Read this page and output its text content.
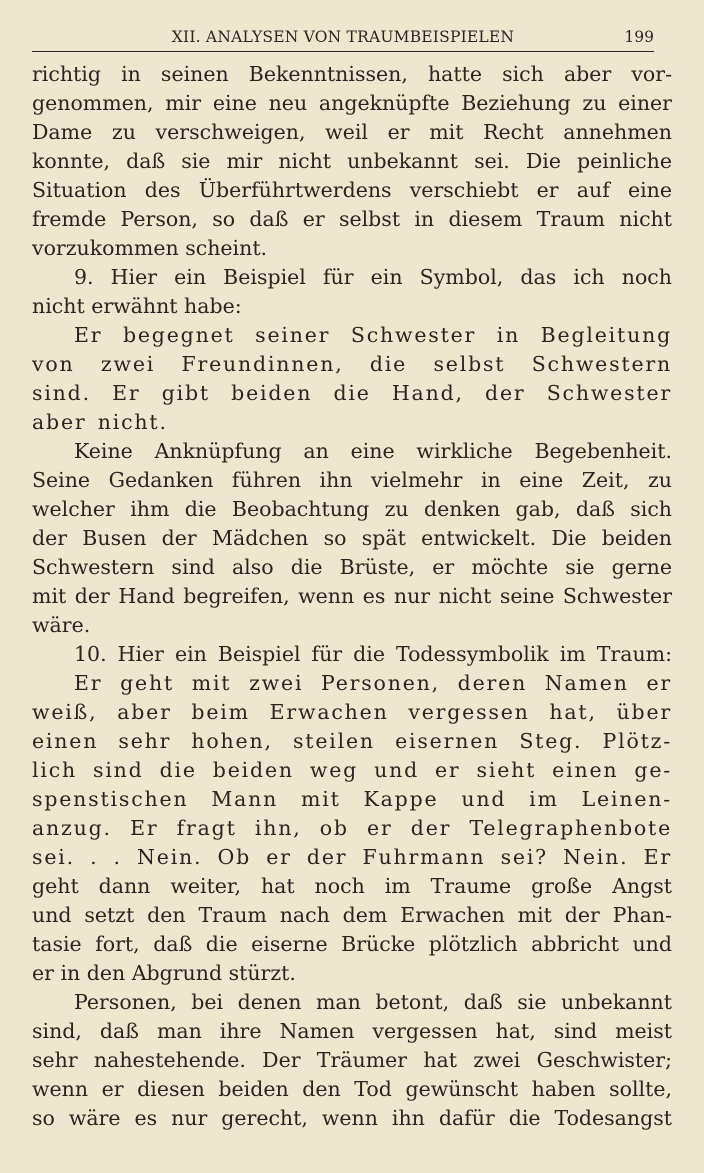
XII. ANALYSEN VON TRAUMBEISPIELEN	199
richtig in seinen Bekenntnissen, hatte sich aber vor-
genommen, mir eine neu angeknüpfte Beziehung zu einer
Dame zu verschweigen, weil er mit Recht annehmen
konnte, daß sie mir nicht unbekannt sei. Die peinliche
Situation des Überführtwerdens verschiebt er auf eine
fremde Person, so daß er selbst in diesem Traum nicht
vorzukommen scheint.
9. Hier ein Beispiel für ein Symbol, das ich noch
nicht erwähnt habe:
Er begegnet seiner Schwester in Begleitung
von zwei Freundinnen, die selbst Schwestern
sind. Er gibt beiden die Hand, der Schwester
aber nicht.
Keine Anknüpfung an eine wirkliche Begebenheit.
Seine Gedanken führen ihn vielmehr in eine Zeit, zu
welcher ihm die Beobachtung zu denken gab, daß sich
der Busen der Mädchen so spät entwickelt. Die beiden
Schwestern sind also die Brüste, er möchte sie gerne
mit der Hand begreifen, wenn es nur nicht seine Schwester
wäre.
10. Hier ein Beispiel für die Todessymbolik im Traum:
Er geht mit zwei Personen, deren Namen er
weiß, aber beim Erwachen vergessen hat, über
einen sehr hohen, steilen eisernen Steg. Plötz-
lich sind die beiden weg und er sieht einen ge-
spenstischen Mann mit Kappe und im Leinen-
anzug. Er fragt ihn, ob er der Telegraphenbote
sei. . . Nein. Ob er der Fuhrmann sei? Nein. Er
geht dann weiter, hat noch im Traume große Angst
und setzt den Traum nach dem Erwachen mit der Phan-
tasie fort, daß die eiserne Brücke plötzlich abbricht und
er in den Abgrund stürzt.
Personen, bei denen man betont, daß sie unbekannt
sind, daß man ihre Namen vergessen hat, sind meist
sehr nahestehende. Der Träumer hat zwei Geschwister;
wenn er diesen beiden den Tod gewünscht haben sollte,
so wäre es nur gerecht, wenn ihn dafür die Todesangst
